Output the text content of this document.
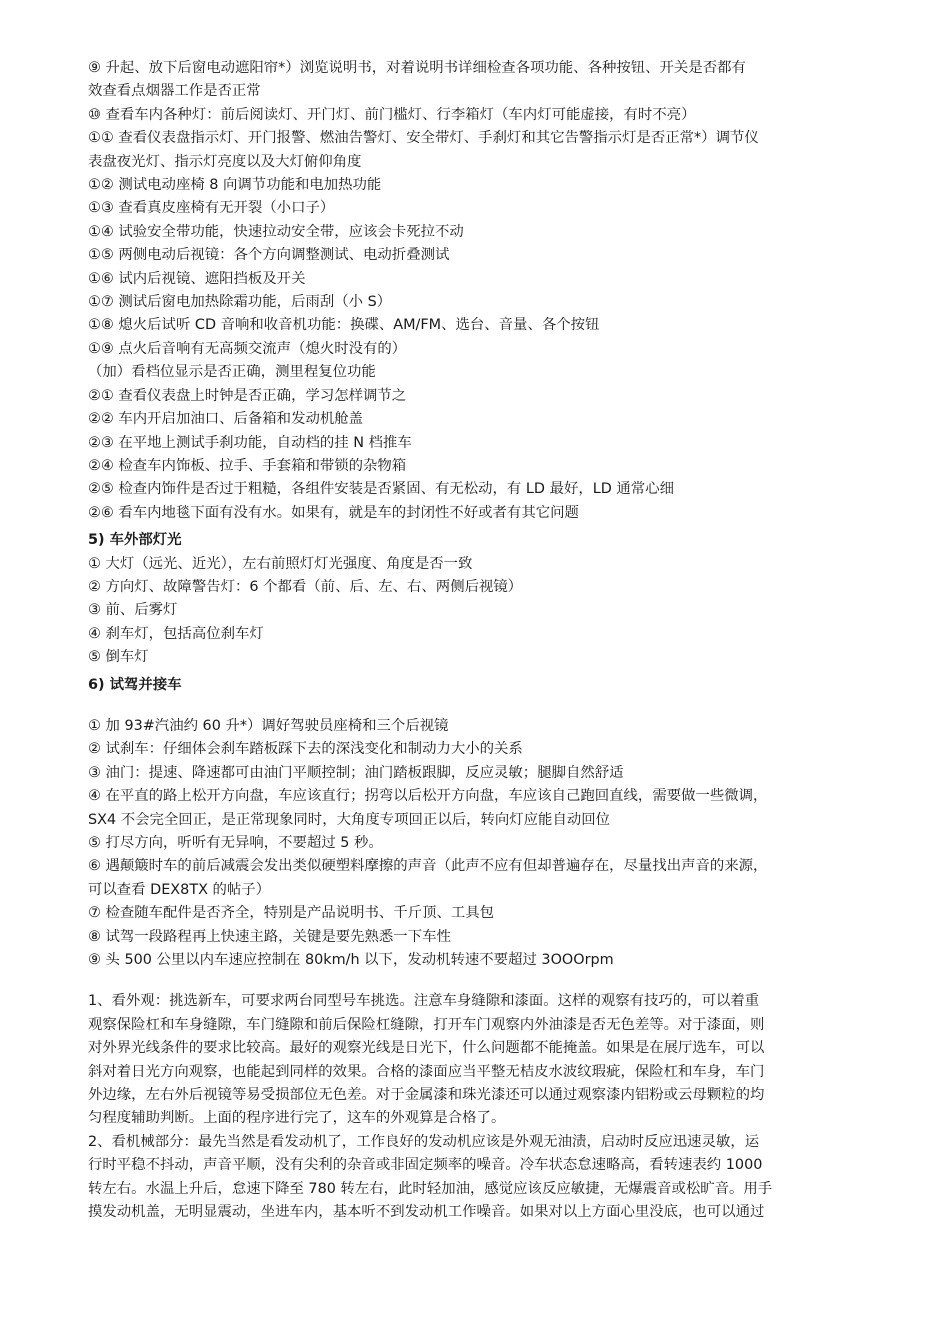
⑨ 升起、放下后窗电动遮阳帘*）浏览说明书，对着说明书详细检查各项功能、各种按钮、开关是否都有
效查看点烟器工作是否正常
⑩ 查看车内各种灯：前后阅读灯、开门灯、前门槛灯、行李箱灯（车内灯可能虚接，有时不亮）
①① 查看仪表盘指示灯、开门报警、燃油告警灯、安全带灯、手刹灯和其它告警指示灯是否正常*）调节仪
表盘夜光灯、指示灯亮度以及大灯俯仰角度
①② 测试电动座椅 8 向调节功能和电加热功能
①③ 查看真皮座椅有无开裂（小口子）
①④ 试验安全带功能，快速拉动安全带，应该会卡死拉不动
①⑤ 两侧电动后视镜：各个方向调整测试、电动折叠测试
①⑥ 试内后视镜、遮阳挡板及开关
①⑦ 测试后窗电加热除霜功能，后雨刮（小 S）
①⑧ 熄火后试听 CD 音响和收音机功能：换碟、AM/FM、选台、音量、各个按钮
①⑨ 点火后音响有无高频交流声（熄火时没有的）
（加）看档位显示是否正确，测里程复位功能
②① 查看仪表盘上时钟是否正确，学习怎样调节之
②② 车内开启加油口、后备箱和发动机舱盖
②③ 在平地上测试手刹功能，自动档的挂 N 档推车
②④ 检查车内饰板、拉手、手套箱和带锁的杂物箱
②⑤ 检查内饰件是否过于粗糙，各组件安装是否紧固、有无松动，有 LD 最好，LD 通常心细
②⑥ 看车内地毯下面有没有水。如果有，就是车的封闭性不好或者有其它问题
5) 车外部灯光
① 大灯（远光、近光），左右前照灯灯光强度、角度是否一致
② 方向灯、故障警告灯：6 个都看（前、后、左、右、两侧后视镜）
③ 前、后雾灯
④ 刹车灯，包括高位刹车灯
⑤ 倒车灯
6) 试驾并接车
① 加 93#汽油约 60 升*）调好驾驶员座椅和三个后视镜
② 试刹车：仔细体会刹车踏板踩下去的深浅变化和制动力大小的关系
③ 油门：提速、降速都可由油门平顺控制；油门踏板跟脚，反应灵敏；腿脚自然舒适
④ 在平直的路上松开方向盘，车应该直行；拐弯以后松开方向盘，车应该自己跑回直线，需要做一些微调，
SX4 不会完全回正，是正常现象同时，大角度专项回正以后，转向灯应能自动回位
⑤ 打尽方向，听听有无异响，不要超过 5 秒。
⑥ 遇颠簸时车的前后减震会发出类似硬塑料摩擦的声音（此声不应有但却普遍存在，尽量找出声音的来源，
可以查看 DEX8TX 的帖子）
⑦ 检查随车配件是否齐全，特别是产品说明书、千斤顶、工具包
⑧ 试驾一段路程再上快速主路，关键是要先熟悉一下车性
⑨ 头 500 公里以内车速应控制在 80km/h 以下，发动机转速不要超过 3OOOrpm
1、看外观：挑选新车，可要求两台同型号车挑选。注意车身缝隙和漆面。这样的观察有技巧的，可以着重
观察保险杠和车身缝隙，车门缝隙和前后保险杠缝隙，打开车门观察内外油漆是否无色差等。对于漆面，则
对外界光线条件的要求比较高。最好的观察光线是日光下，什么问题都不能掩盖。如果是在展厅选车，可以
斜对着日光方向观察，也能起到同样的效果。合格的漆面应当平整无桔皮水波纹瑕疵，保险杠和车身，车门
外边缘，左右外后视镜等易受损部位无色差。对于金属漆和珠光漆还可以通过观察漆内铝粉或云母颗粒的均
匀程度辅助判断。上面的程序进行完了，这车的外观算是合格了。
2、看机械部分：最先当然是看发动机了，工作良好的发动机应该是外观无油渍，启动时反应迅速灵敏，运
行时平稳不抖动，声音平顺，没有尖利的杂音或非固定频率的噪音。冷车状态怠速略高，看转速表约 1000
转左右。水温上升后，怠速下降至 780 转左右，此时轻加油，感觉应该反应敏捷，无爆震音或松旷音。用手
摸发动机盖，无明显震动，坐进车内，基本听不到发动机工作噪音。如果对以上方面心里没底，也可以通过
